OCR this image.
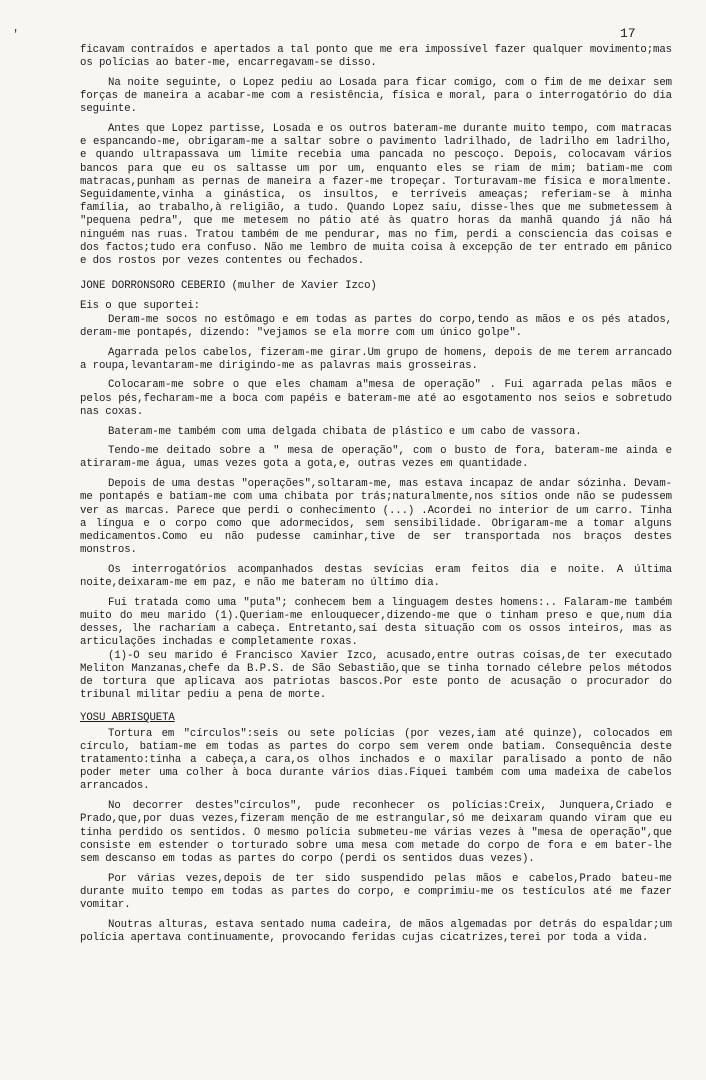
'	17

ficavam contraídos e apertados a tal ponto que me era impossível fazer qualquer movimento;mas os polícias ao bater-me, encarregavam-se disso.

Na noite seguinte, o Lopez pediu ao Losada para ficar comigo, com o fim de me deixar sem forças de maneira a acabar-me com a resistência, física e moral, para o interrogatório do dia seguinte.

Antes que Lopez partisse, Losada e os outros bateram-me durante muito tempo, com matracas e espancando-me, obrigaram-me a saltar sobre o pavimento ladrilhado, de ladrilho em ladrilho, e quando ultrapassava um limite recebia uma pancada no pescoço. Depois, colocavam vários bancos para que eu os saltasse um por um, enquanto eles se riam de mim; batiam-me com matracas,punham as pernas de maneira a fazer-me tropeçar. Torturavam-me física e moralmente. Seguidamente,vinha a ginástica, os insultos, e terríveis ameaças; referiam-se à minha família, ao trabalho,à religião, a tudo. Quando Lopez saíu, disse-lhes que me submetessem à "pequena pedra", que me metesem no pátio até às quatro horas da manhã quando já não há ninguém nas ruas. Tratou também de me pendurar, mas no fim, perdi a consciencia das coisas e dos factos;tudo era confuso. Não me lembro de muita coisa à excepção de ter entrado em pânico e dos rostos por vezes contentes ou fechados.

JONE DORRONSORO CEBERIO (mulher de Xavier Izco)

Eis o que suportei:

Deram-me socos no estômago e em todas as partes do corpo,tendo as mãos e os pés atados, deram-me pontapés, dizendo: "vejamos se ela morre com um único golpe".

Agarrada pelos cabelos, fizeram-me girar.Um grupo de homens, depois de me terem arrancado a roupa,levantaram-me dirigindo-me as palavras mais grosseiras.

Colocaram-me sobre o que eles chamam a"mesa de operação" . Fui agarrada pelas mãos e pelos pés,fecharam-me a boca com papéis e bateram-me até ao esgotamento nos seios e sobretudo nas coxas.

Bateram-me também com uma delgada chibata de plástico e um cabo de vassora.

Tendo-me deitado sobre a " mesa de operação", com o busto de fora, bateram-me ainda e atiraram-me água, umas vezes gota a gota,e, outras vezes em quantidade.

Depois de uma destas "operações",soltaram-me, mas estava incapaz de andar sózinha. Devam-me pontapés e batiam-me com uma chibata por trás;naturalmente,nos sítios onde não se pudessem ver as marcas. Parece que perdi o conhecimento (...) .Acordei no interior de um carro. Tinha a língua e o corpo como que adormecidos, sem sensibilidade. Obrigaram-me a tomar alguns medicamentos.Como eu não pudesse caminhar,tive de ser transportada nos braços destes monstros.

Os interrogatórios acompanhados destas sevícias eram feitos dia e noite. A última noite,deixaram-me em paz, e não me bateram no último dia.

Fui tratada como uma "puta"; conhecem bem a linguagem destes homens:.. Falaram-me também muito do meu marido (1).Queriam-me enlouquecer,dizendo-me que o tinham preso e que,num dia desses, lhe racharíam a cabeça. Entretanto,saí desta situação com os ossos inteiros, mas as articulações inchadas e completamente roxas.

(1)-O seu marido é Francisco Xavier Izco, acusado,entre outras coisas,de ter executado Meliton Manzanas,chefe da B.P.S. de São Sebastião,que se tinha tornado célebre pelos métodos de tortura que aplicava aos patriotas bascos.Por este ponto de acusação o procurador do tribunal militar pediu a pena de morte.

YOSU ABRISQUETA

Tortura em "círculos":seis ou sete polícias (por vezes,iam até quinze), colocados em círculo, batiam-me em todas as partes do corpo sem verem onde batiam. Consequência deste tratamento:tinha a cabeça,a cara,os olhos inchados e o maxilar paralisado a ponto de não poder meter uma colher à boca durante vários dias.Fiquei também com uma madeixa de cabelos arrancados.

No decorrer destes"círculos", pude reconhecer os polícias:Creix, Junquera,Criado e Prado,que,por duas vezes,fizeram menção de me estrangular,só me deixaram quando viram que eu tinha perdido os sentidos. O mesmo polícia submeteu-me várias vezes à "mesa de operação",que consiste em estender o torturado sobre uma mesa com metade do corpo de fora e em bater-lhe sem descanso em todas as partes do corpo (perdi os sentidos duas vezes).

Por várias vezes,depois de ter sido suspendido pelas mãos e cabelos,Prado bateu-me durante muito tempo em todas as partes do corpo, e comprimiu-me os testículos até me fazer vomitar.

Noutras alturas, estava sentado numa cadeira, de mãos algemadas por detrás do espaldar;um polícia apertava continuamente, provocando feridas cujas cicatrizes,terei por toda a vida.
